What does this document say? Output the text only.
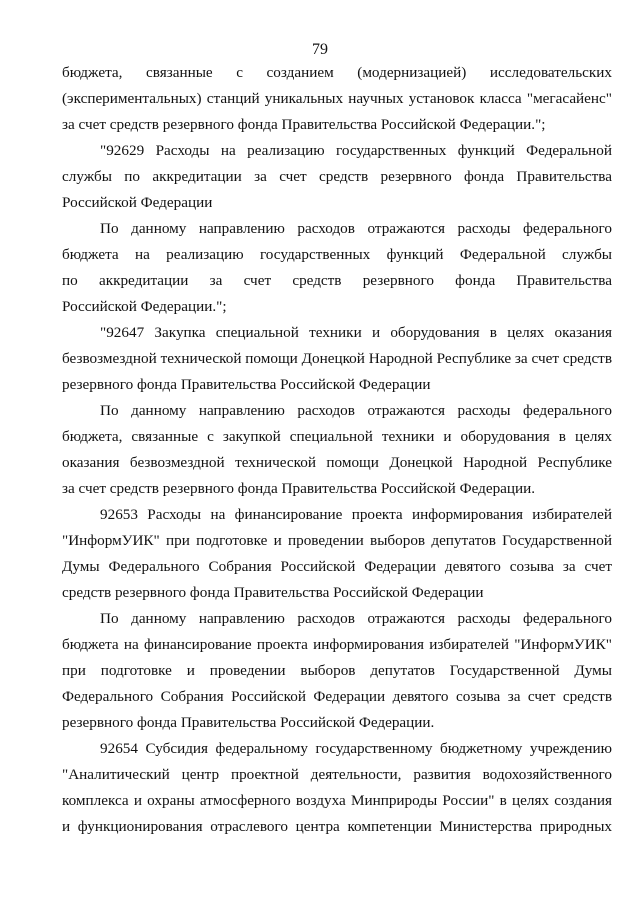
79
бюджета, связанные с созданием (модернизацией) исследовательских
(экспериментальных) станций уникальных научных установок класса "мегасайенс"
за счет средств резервного фонда Правительства Российской Федерации.";
"92629 Расходы на реализацию государственных функций Федеральной
службы по аккредитации за счет средств резервного фонда Правительства
Российской Федерации
По данному направлению расходов отражаются расходы федерального
бюджета на реализацию государственных функций Федеральной службы
по аккредитации за счет средств резервного фонда Правительства
Российской Федерации.";
"92647 Закупка специальной техники и оборудования в целях оказания
безвозмездной технической помощи Донецкой Народной Республике за счет средств
резервного фонда Правительства Российской Федерации
По данному направлению расходов отражаются расходы федерального
бюджета, связанные с закупкой специальной техники и оборудования в целях
оказания безвозмездной технической помощи Донецкой Народной Республике
за счет средств резервного фонда Правительства Российской Федерации.
92653 Расходы на финансирование проекта информирования избирателей
"ИнформУИК" при подготовке и проведении выборов депутатов Государственной
Думы Федерального Собрания Российской Федерации девятого созыва за счет
средств резервного фонда Правительства Российской Федерации
По данному направлению расходов отражаются расходы федерального
бюджета на финансирование проекта информирования избирателей "ИнформУИК"
при подготовке и проведении выборов депутатов Государственной Думы
Федерального Собрания Российской Федерации девятого созыва за счет средств
резервного фонда Правительства Российской Федерации.
92654 Субсидия федеральному государственному бюджетному учреждению
"Аналитический центр проектной деятельности, развития водохозяйственного
комплекса и охраны атмосферного воздуха Минприроды России" в целях создания
и функционирования отраслевого центра компетенции Министерства природных
